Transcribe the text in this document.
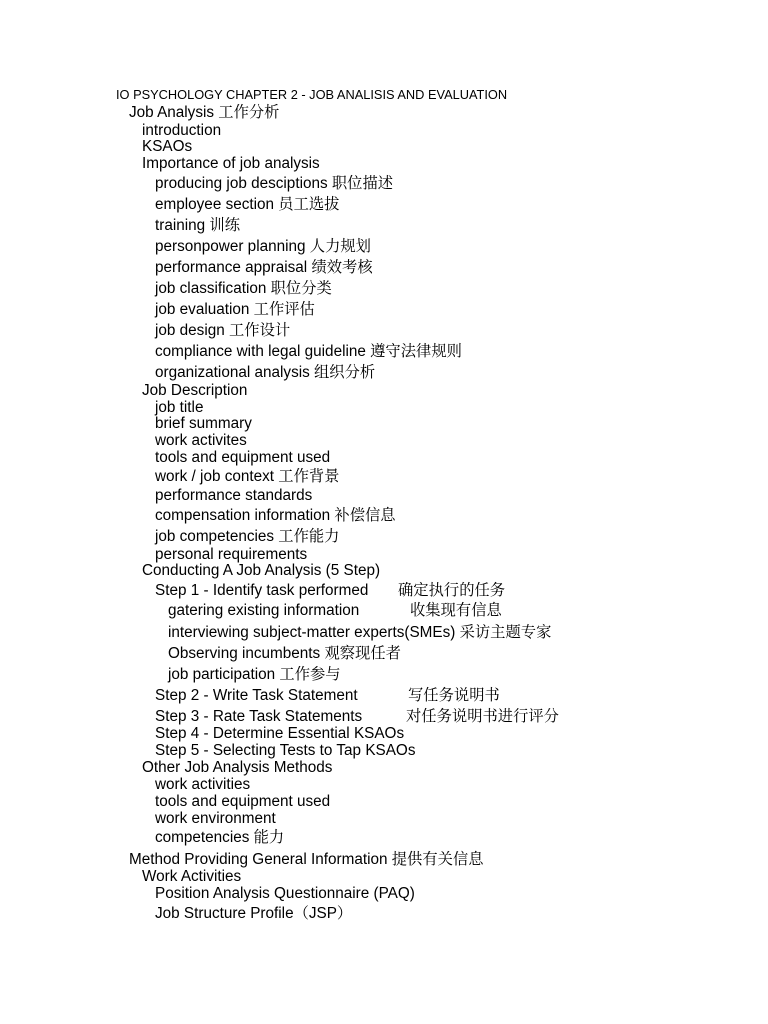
IO PSYCHOLOGY CHAPTER 2 - JOB ANALISIS AND EVALUATION
Job Analysis 工作分析
introduction
KSAOs
Importance of job analysis
producing job desciptions 职位描述
employee section 员工选拔
training 训练
personpower planning 人力规划
performance appraisal 绩效考核
job classification 职位分类
job evaluation 工作评估
job design 工作设计
compliance with legal guideline 遵守法律规则
organizational analysis 组织分析
Job Description
job title
brief summary
work activites
tools and equipment used
work / job context 工作背景
performance standards
compensation information 补偿信息
job competencies 工作能力
personal requirements
Conducting A Job Analysis (5 Step)
Step 1 - Identify task performed 确定执行的任务
gatering existing information	收集现有信息
interviewing subject-matter experts(SMEs) 采访主题专家
Observing incumbents 观察现任者
job participation 工作参与
Step 2 - Write Task Statement	写任务说明书
Step 3 - Rate Task Statements	对任务说明书进行评分
Step 4 - Determine Essential KSAOs
Step 5 - Selecting Tests to Tap KSAOs
Other Job Analysis Methods
work activities
tools and equipment used
work environment
competencies 能力
Method Providing General Information 提供有关信息
Work Activities
Position Analysis Questionnaire (PAQ)
Job Structure Profile（JSP）
